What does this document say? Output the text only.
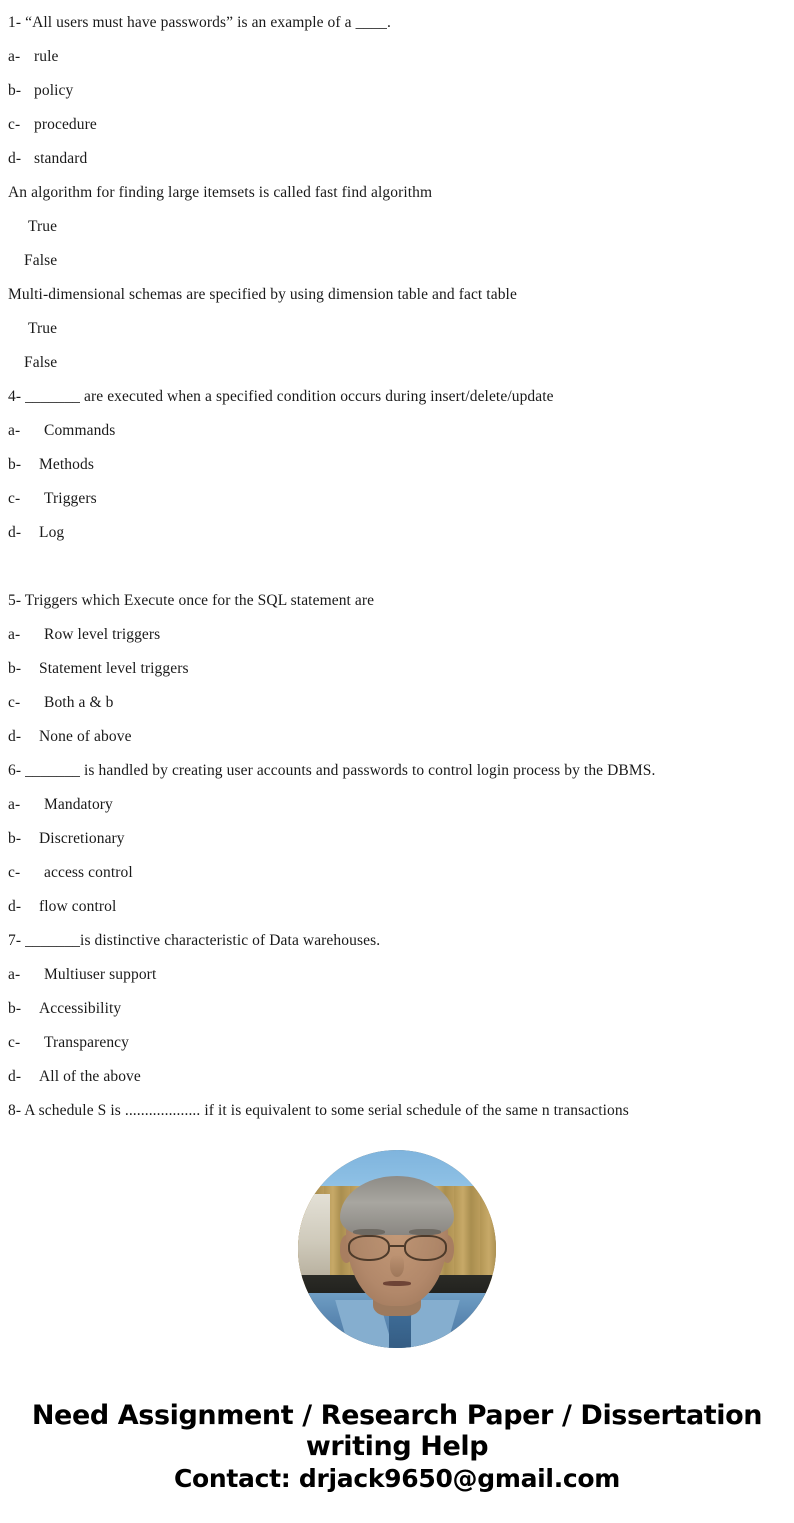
1- “All users must have passwords” is an example of a ____.
a- rule
b- policy
c- procedure
d- standard
An algorithm for finding large itemsets is called fast find algorithm
True
False
Multi-dimensional schemas are specified by using dimension table and fact table
True
False
4- _______ are executed when a specified condition occurs during insert/delete/update
a-	Commands
b-	Methods
c-	Triggers
d-	Log

5- Triggers which Execute once for the SQL statement are
a-	Row level triggers
b-	Statement level triggers
c-	Both a & b
d-	None of above
6- _______ is handled by creating user accounts and passwords to control login process by the DBMS.
a-	Mandatory
b-	Discretionary
c-	access control
d-	flow control
7- _______is distinctive characteristic of Data warehouses.
a-	Multiuser support
b-	Accessibility
c-	Transparency
d-	All of the above
8- A schedule S is ................... if it is equivalent to some serial schedule of the same n transactions
Need Assignment / Research Paper / Dissertation
writing Help
Contact: drjack9650@gmail.com
